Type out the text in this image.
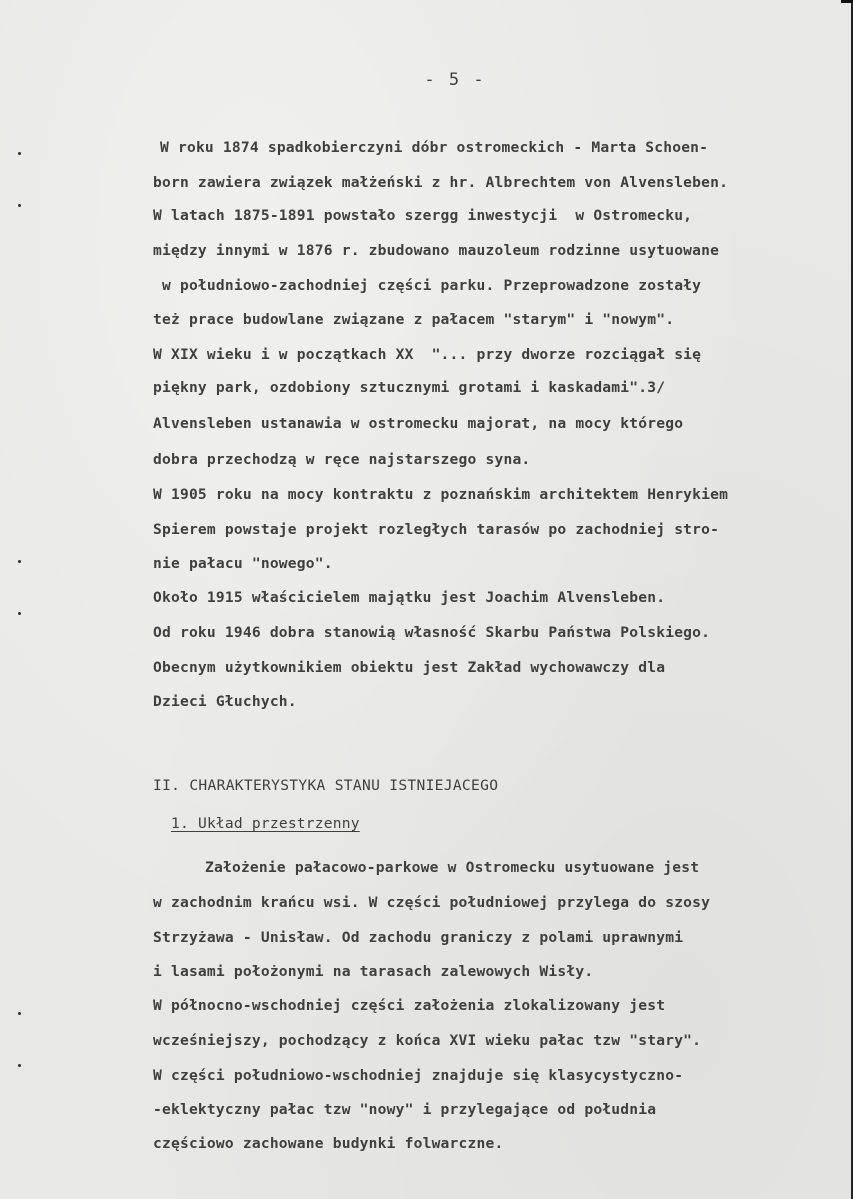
- 5 -
W roku 1874 spadkobierczyni dóbr ostromeckich - Marta Schoen-
born zawiera związek małżeński z hr. Albrechtem von Alvensleben.
W latach 1875-1891 powstało szergg inwestycji  w Ostromecku,
między innymi w 1876 r. zbudowano mauzoleum rodzinne usytuowane
w południowo-zachodniej części parku. Przeprowadzone zostały
też prace budowlane związane z pałacem "starym" i "nowym".
W XIX wieku i w początkach XX  "... przy dworze rozciągał się
piękny park, ozdobiony sztucznymi grotami i kaskadami".3/
Alvensleben ustanawia w ostromecku majorat, na mocy którego
dobra przechodzą w ręce najstarszego syna.
W 1905 roku na mocy kontraktu z poznańskim architektem Henrykiem
Spierem powstaje projekt rozległych tarasów po zachodniej stro-
nie pałacu "nowego".
Około 1915 właścicielem majątku jest Joachim Alvensleben.
Od roku 1946 dobra stanowią własność Skarbu Państwa Polskiego.
Obecnym użytkownikiem obiektu jest Zakład wychowawczy dla
Dzieci Głuchych.
II. CHARAKTERYSTYKA STANU ISTNIEJACEGO
1. Układ przestrzenny
Założenie pałacowo-parkowe w Ostromecku usytuowane jest
w zachodnim krańcu wsi. W części południowej przylega do szosy
Strzyżawa - Unisław. Od zachodu graniczy z polami uprawnymi
i lasami położonymi na tarasach zalewowych Wisły.
W północno-wschodniej części założenia zlokalizowany jest
wcześniejszy, pochodzący z końca XVI wieku pałac tzw "stary".
W części południowo-wschodniej znajduje się klasycystyczno-
-eklektyczny pałac tzw "nowy" i przylegające od południa
częściowo zachowane budynki folwarczne.
